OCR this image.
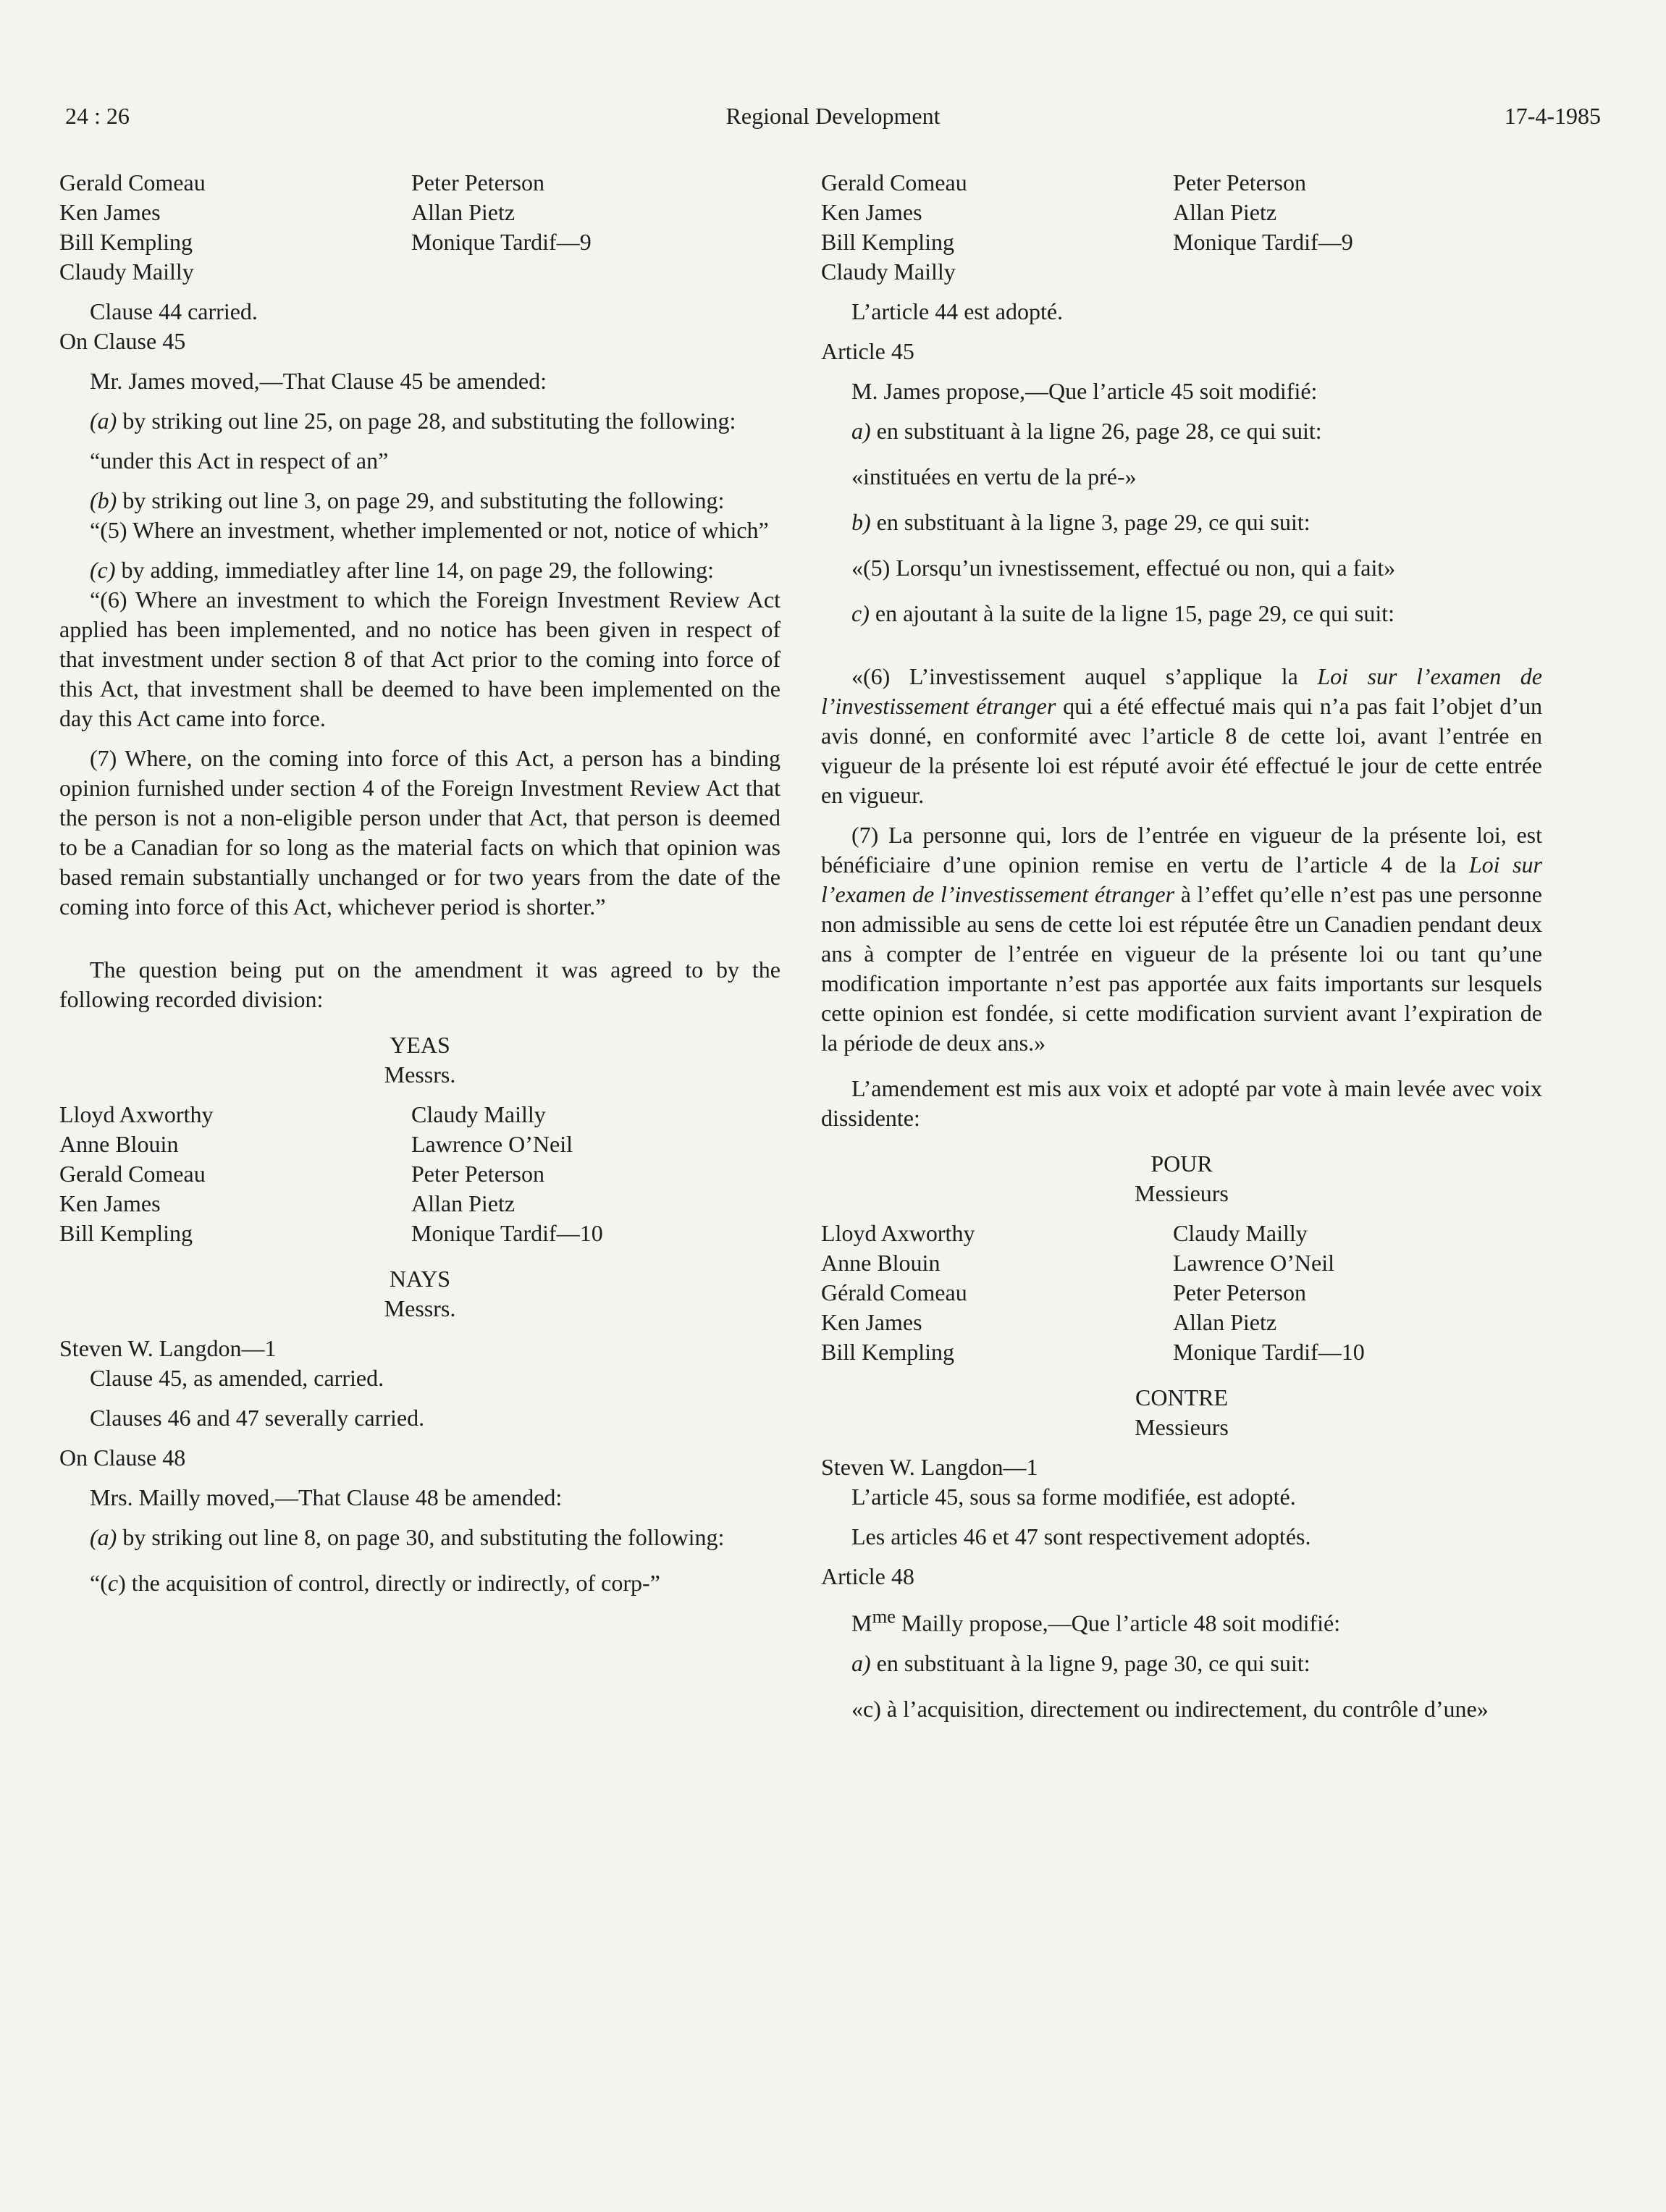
24 : 26	Regional Development	17-4-1985
Gerald Comeau	Peter Peterson
Ken James	Allan Pietz
Bill Kempling	Monique Tardif—9
Claudy Mailly

Clause 44 carried.

On Clause 45

Mr. James moved,—That Clause 45 be amended:

(a) by striking out line 25, on page 28, and substituting the following:

“under this Act in respect of an”

(b) by striking out line 3, on page 29, and substituting the following:

“(5) Where an investment, whether implemented or not, notice of which”

(c) by adding, immediatley after line 14, on page 29, the following:

“(6) Where an investment to which the Foreign Investment Review Act applied has been implemented, and no notice has been given in respect of that investment under section 8 of that Act prior to the coming into force of this Act, that investment shall be deemed to have been implemented on the day this Act came into force.

(7) Where, on the coming into force of this Act, a person has a binding opinion furnished under section 4 of the Foreign Investment Review Act that the person is not a non-eligible person under that Act, that person is deemed to be a Canadian for so long as the material facts on which that opinion was based remain substantially unchanged or for two years from the date of the coming into force of this Act, whichever period is shorter.”

The question being put on the amendment it was agreed to by the following recorded division:

YEAS

Messrs.

Lloyd Axworthy	Claudy Mailly
Anne Blouin	Lawrence O’Neil
Gerald Comeau	Peter Peterson
Ken James	Allan Pietz
Bill Kempling	Monique Tardif—10

NAYS

Messrs.

Steven W. Langdon—1

Clause 45, as amended, carried.

Clauses 46 and 47 severally carried.

On Clause 48

Mrs. Mailly moved,—That Clause 48 be amended:

(a) by striking out line 8, on page 30, and substituting the following:

“(c) the acquisition of control, directly or indirectly, of corp-”

Gerald Comeau	Peter Peterson
Ken James	Allan Pietz
Bill Kempling	Monique Tardif—9
Claudy Mailly

L’article 44 est adopté.

Article 45

M. James propose,—Que l’article 45 soit modifié:

a) en substituant à la ligne 26, page 28, ce qui suit:

«instituées en vertu de la pré-»

b) en substituant à la ligne 3, page 29, ce qui suit:

«(5) Lorsqu’un ivnestissement, effectué ou non, qui a fait»

c) en ajoutant à la suite de la ligne 15, page 29, ce qui suit:

«(6) L’investissement auquel s’applique la Loi sur l’examen de l’investissement étranger qui a été effectué mais qui n’a pas fait l’objet d’un avis donné, en conformité avec l’article 8 de cette loi, avant l’entrée en vigueur de la présente loi est réputé avoir été effectué le jour de cette entrée en vigueur.

(7) La personne qui, lors de l’entrée en vigueur de la présente loi, est bénéficiaire d’une opinion remise en vertu de l’article 4 de la Loi sur l’examen de l’investissement étranger à l’effet qu’elle n’est pas une personne non admissible au sens de cette loi est réputée être un Canadien pendant deux ans à compter de l’entrée en vigueur de la présente loi ou tant qu’une modification importante n’est pas apportée aux faits importants sur lesquels cette opinion est fondée, si cette modification survient avant l’expiration de la période de deux ans.»

L’amendement est mis aux voix et adopté par vote à main levée avec voix dissidente:

POUR

Messieurs

Lloyd Axworthy	Claudy Mailly
Anne Blouin	Lawrence O’Neil
Gérald Comeau	Peter Peterson
Ken James	Allan Pietz
Bill Kempling	Monique Tardif—10

CONTRE

Messieurs

Steven W. Langdon—1

L’article 45, sous sa forme modifiée, est adopté.

Les articles 46 et 47 sont respectivement adoptés.

Article 48

$M^{me}$ Mailly propose,—Que l’article 48 soit modifié:

a) en substituant à la ligne 9, page 30, ce qui suit:

«c) à l’acquisition, directement ou indirectement, du contrôle d’une»
